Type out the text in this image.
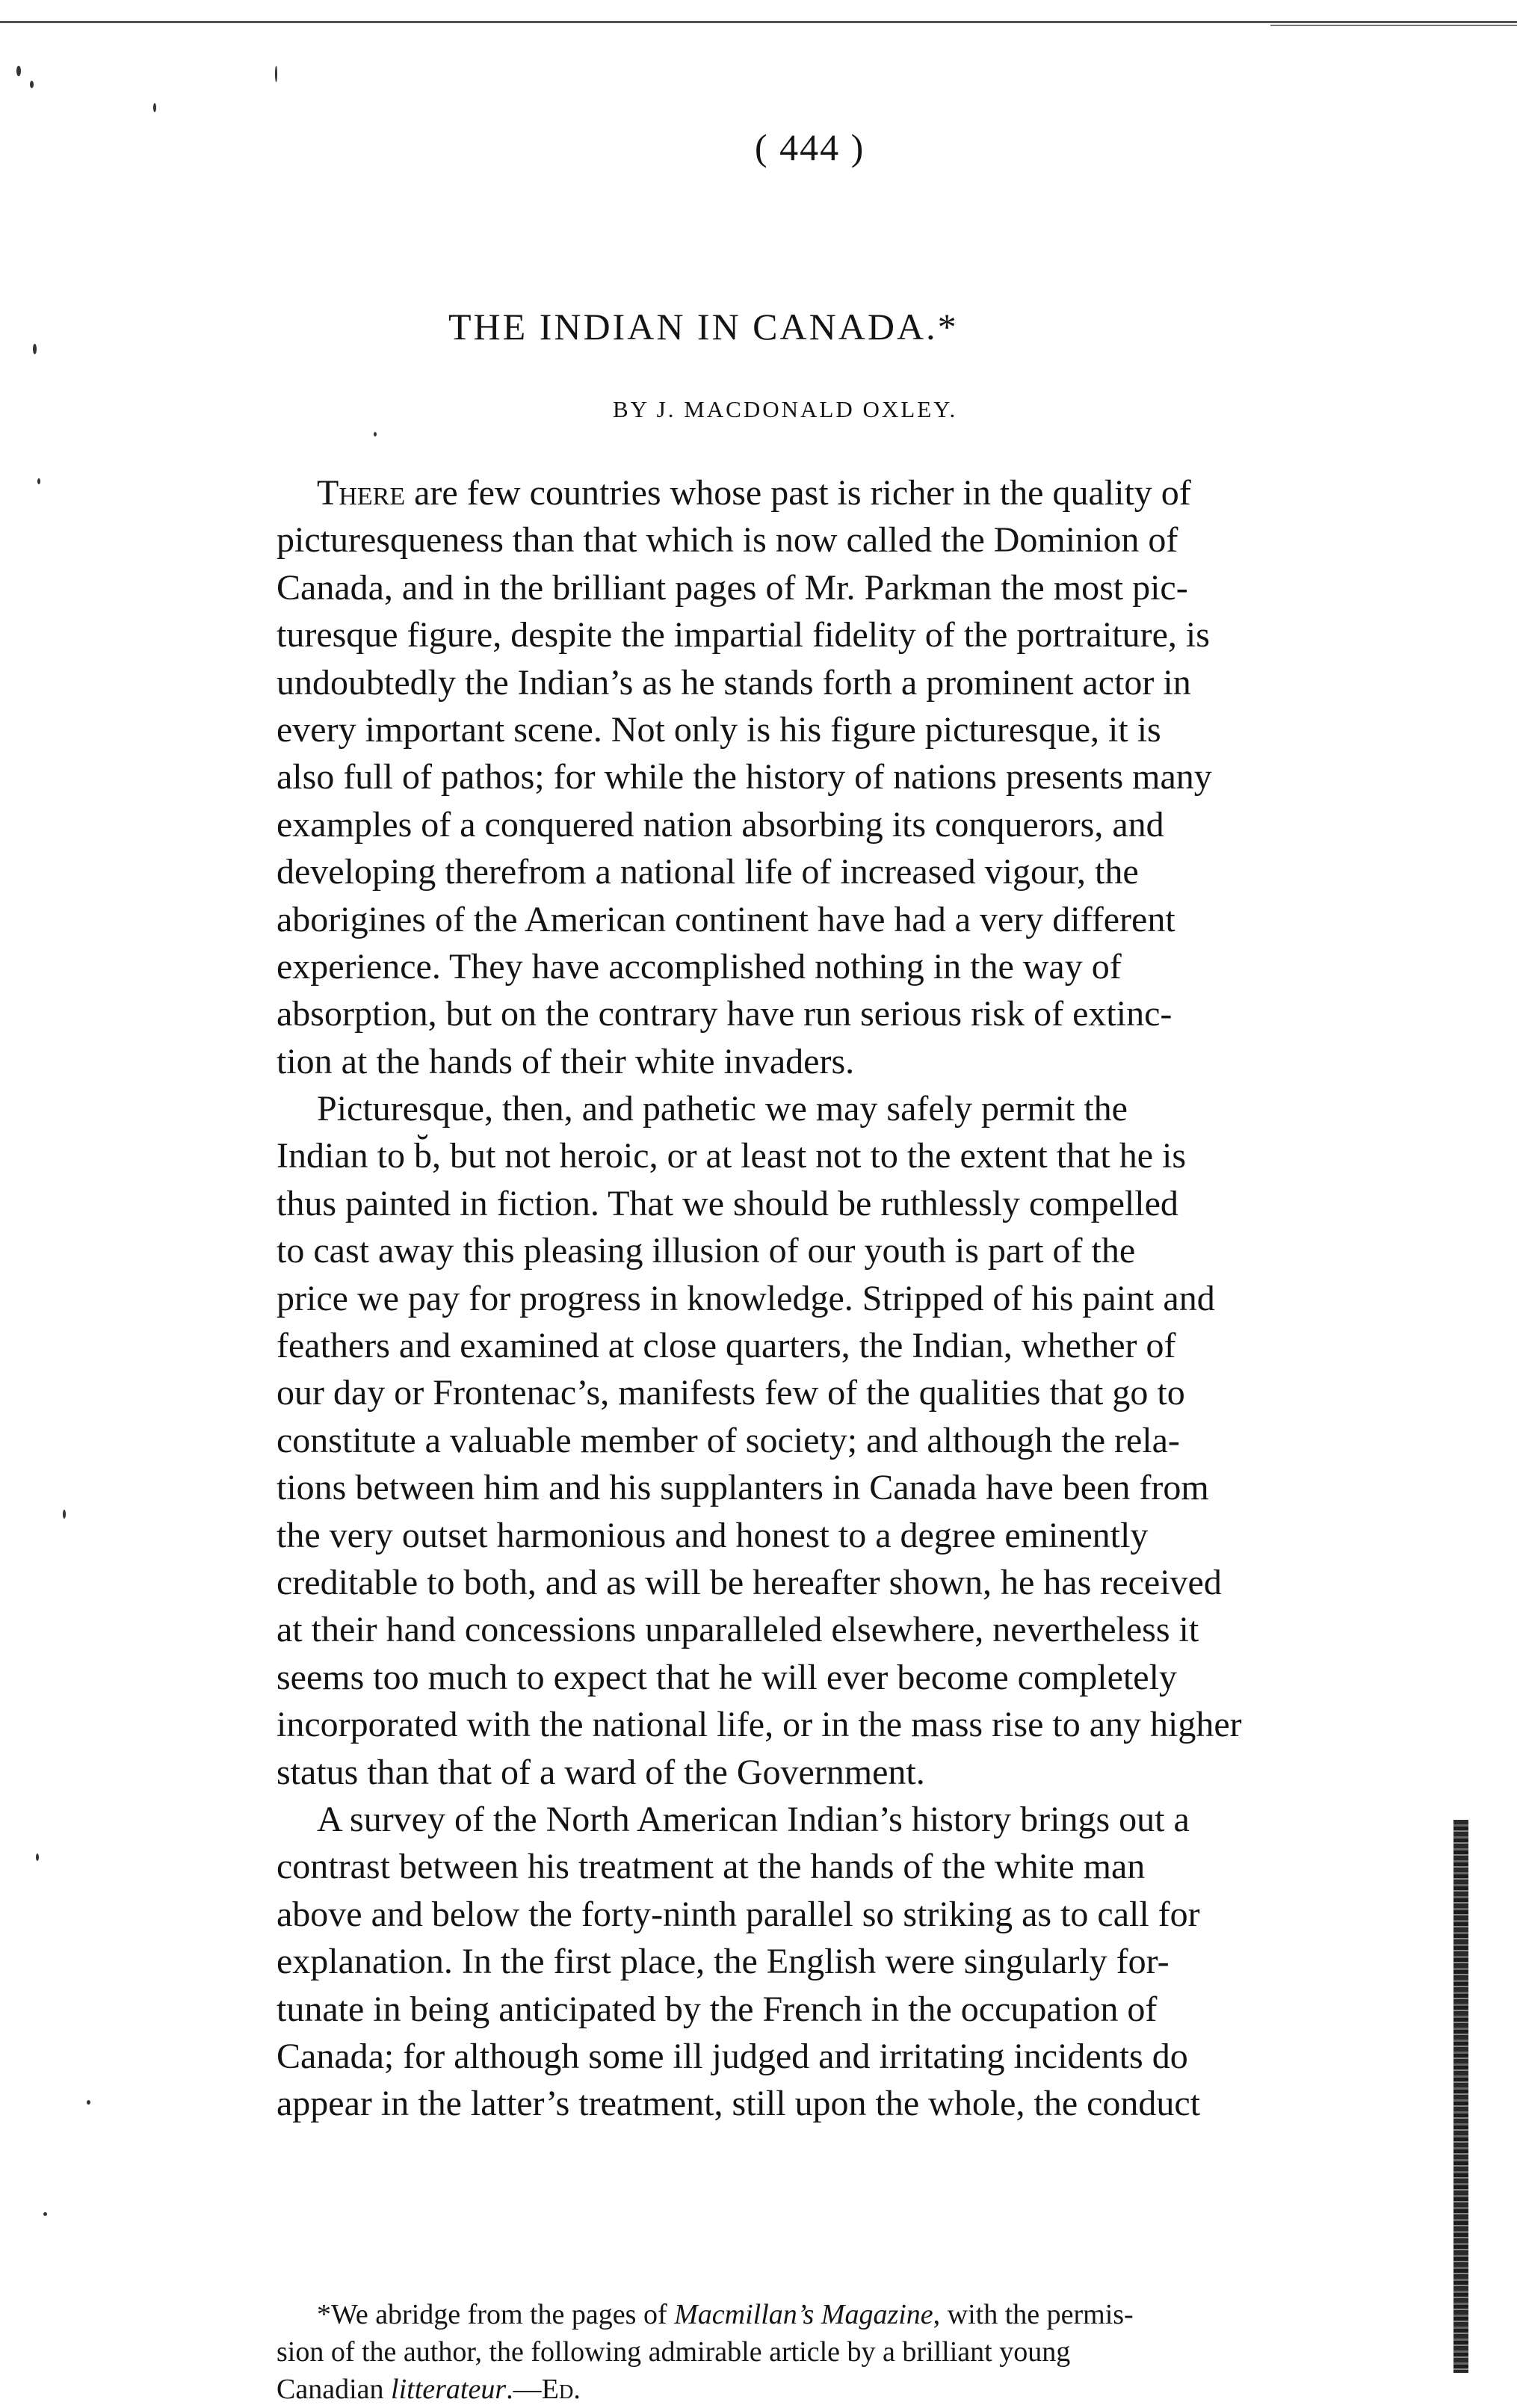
( 444 )
THE INDIAN IN CANADA.*
BY J. MACDONALD OXLEY.
There are few countries whose past is richer in the quality of
picturesqueness than that which is now called the Dominion of
Canada, and in the brilliant pages of Mr. Parkman the most pic-
turesque figure, despite the impartial fidelity of the portraiture, is
undoubtedly the Indian’s as he stands forth a prominent actor in
every important scene. Not only is his figure picturesque, it is
also full of pathos; for while the history of nations presents many
examples of a conquered nation absorbing its conquerors, and
developing therefrom a national life of increased vigour, the
aborigines of the American continent have had a very different
experience. They have accomplished nothing in the way of
absorption, but on the contrary have run serious risk of extinc-
tion at the hands of their white invaders.
Picturesque, then, and pathetic we may safely permit the
Indian to b̆, but not heroic, or at least not to the extent that he is
thus painted in fiction. That we should be ruthlessly compelled
to cast away this pleasing illusion of our youth is part of the
price we pay for progress in knowledge. Stripped of his paint and
feathers and examined at close quarters, the Indian, whether of
our day or Frontenac’s, manifests few of the qualities that go to
constitute a valuable member of society; and although the rela-
tions between him and his supplanters in Canada have been from
the very outset harmonious and honest to a degree eminently
creditable to both, and as will be hereafter shown, he has received
at their hand concessions unparalleled elsewhere, nevertheless it
seems too much to expect that he will ever become completely
incorporated with the national life, or in the mass rise to any higher
status than that of a ward of the Government.
A survey of the North American Indian’s history brings out a
contrast between his treatment at the hands of the white man
above and below the forty-ninth parallel so striking as to call for
explanation. In the first place, the English were singularly for-
tunate in being anticipated by the French in the occupation of
Canada; for although some ill judged and irritating incidents do
appear in the latter’s treatment, still upon the whole, the conduct
*We abridge from the pages of Macmillan’s Magazine, with the permis-
sion of the author, the following admirable article by a brilliant young
Canadian litterateur.—Ed.
